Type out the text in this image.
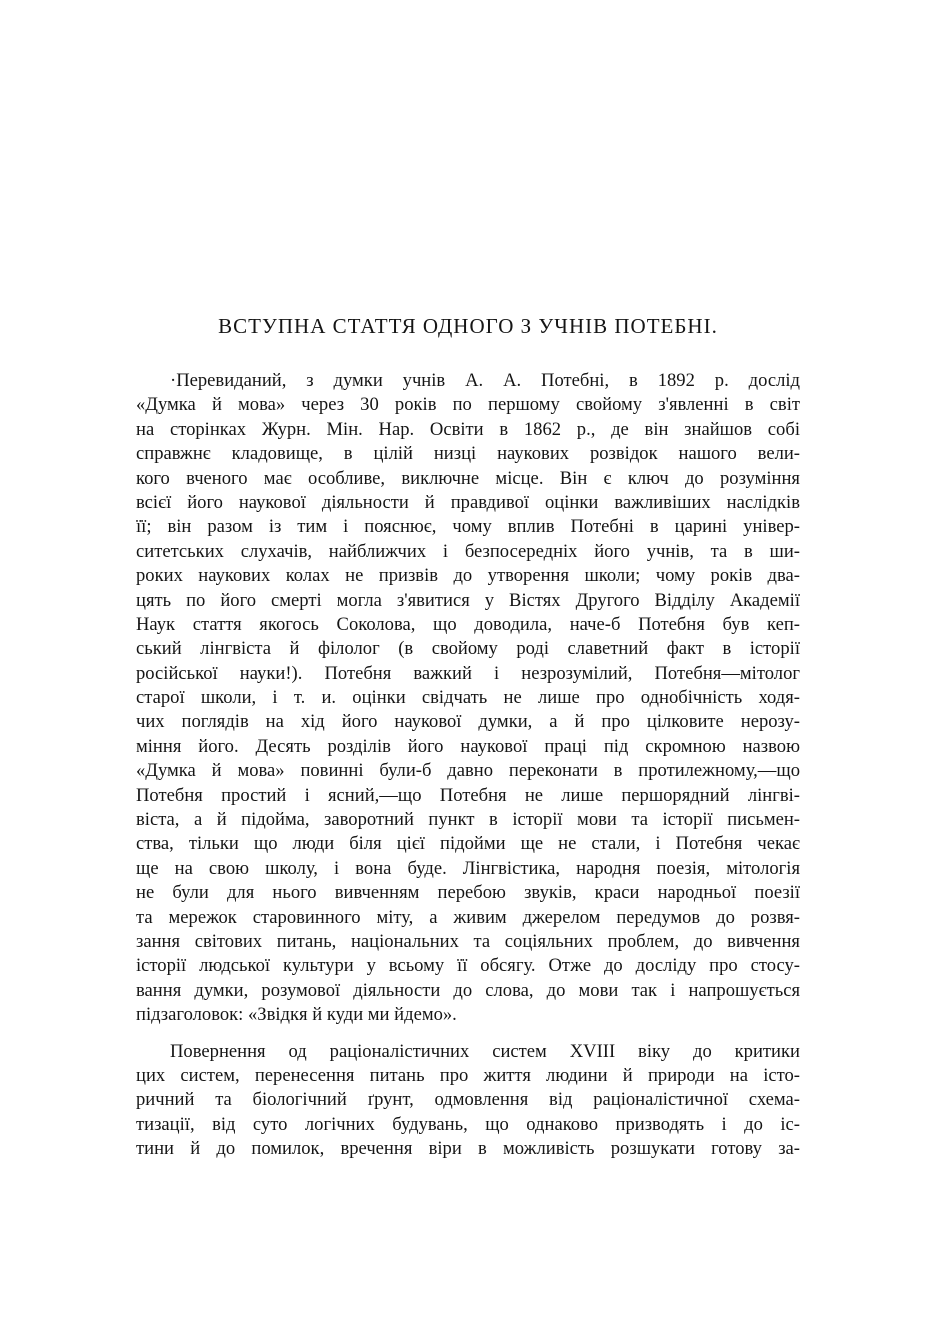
ВСТУПНА СТАТТЯ ОДНОГО З УЧНІВ ПОТЕБНІ.
·Перевиданий, з думки учнів А. А. Потебні, в 1892 р. дослід
«Думка й мова» через 30 років по першому свойому з'явленні в світ
на сторінках Журн. Мін. Нар. Освіти в 1862 р., де він знайшов собі
справжнє кладовище, в цілій низці наукових розвідок нашого вели-
кого вченого має особливе, виключне місце. Він є ключ до розуміння
всієї його наукової діяльности й правдивої оцінки важливіших наслідків
її; він разом із тим і пояснює, чому вплив Потебні в царині універ-
ситетських слухачів, найближчих і безпосередніх його учнів, та в ши-
роких наукових колах не призвів до утворення школи; чому років два-
цять по його смерті могла з'явитися у Вістях Другого Відділу Академії
Наук стаття якогось Соколова, що доводила, наче-б Потебня був кеп-
ський лінгвіста й філолог (в свойому роді славетний факт в історії
російської науки!). Потебня важкий і незрозумілий, Потебня—мітолог
старої школи, і т. и. оцінки свідчать не лише про однобічність ходя-
чих поглядів на хід його наукової думки, а й про цілковите нерозу-
міння його. Десять розділів його наукової праці під скромною назвою
«Думка й мова» повинні були-б давно переконати в протилежному,—що
Потебня простий і ясний,—що Потебня не лише першорядний лінгві-
віста, а й підойма, заворотний пункт в історії мови та історії письмен-
ства, тільки що люди біля цієї підойми ще не стали, і Потебня чекає
ще на свою школу, і вона буде. Лінгвістика, народня поезія, мітологія
не були для нього вивченням перебою звуків, краси народньої поезії
та мережок старовинного міту, а живим джерелом передумов до розвя-
зання світових питань, національних та соціяльних проблем, до вивчення
історії людської культури у всьому її обсягу. Отже до досліду про стосу-
вання думки, розумової діяльности до слова, до мови так і напрошується
підзаголовок: «Звідкя й куди ми йдемо».
Повернення од раціоналістичних систем XVIII віку до критики
цих систем, перенесення питань про життя людини й природи на істо-
ричний та біологічний ґрунт, одмовлення від раціоналістичної схема-
тизації, від суто логічних будувань, що однаково призводять і до іс-
тини й до помилок, вречення віри в можливість розшукати готову за-
